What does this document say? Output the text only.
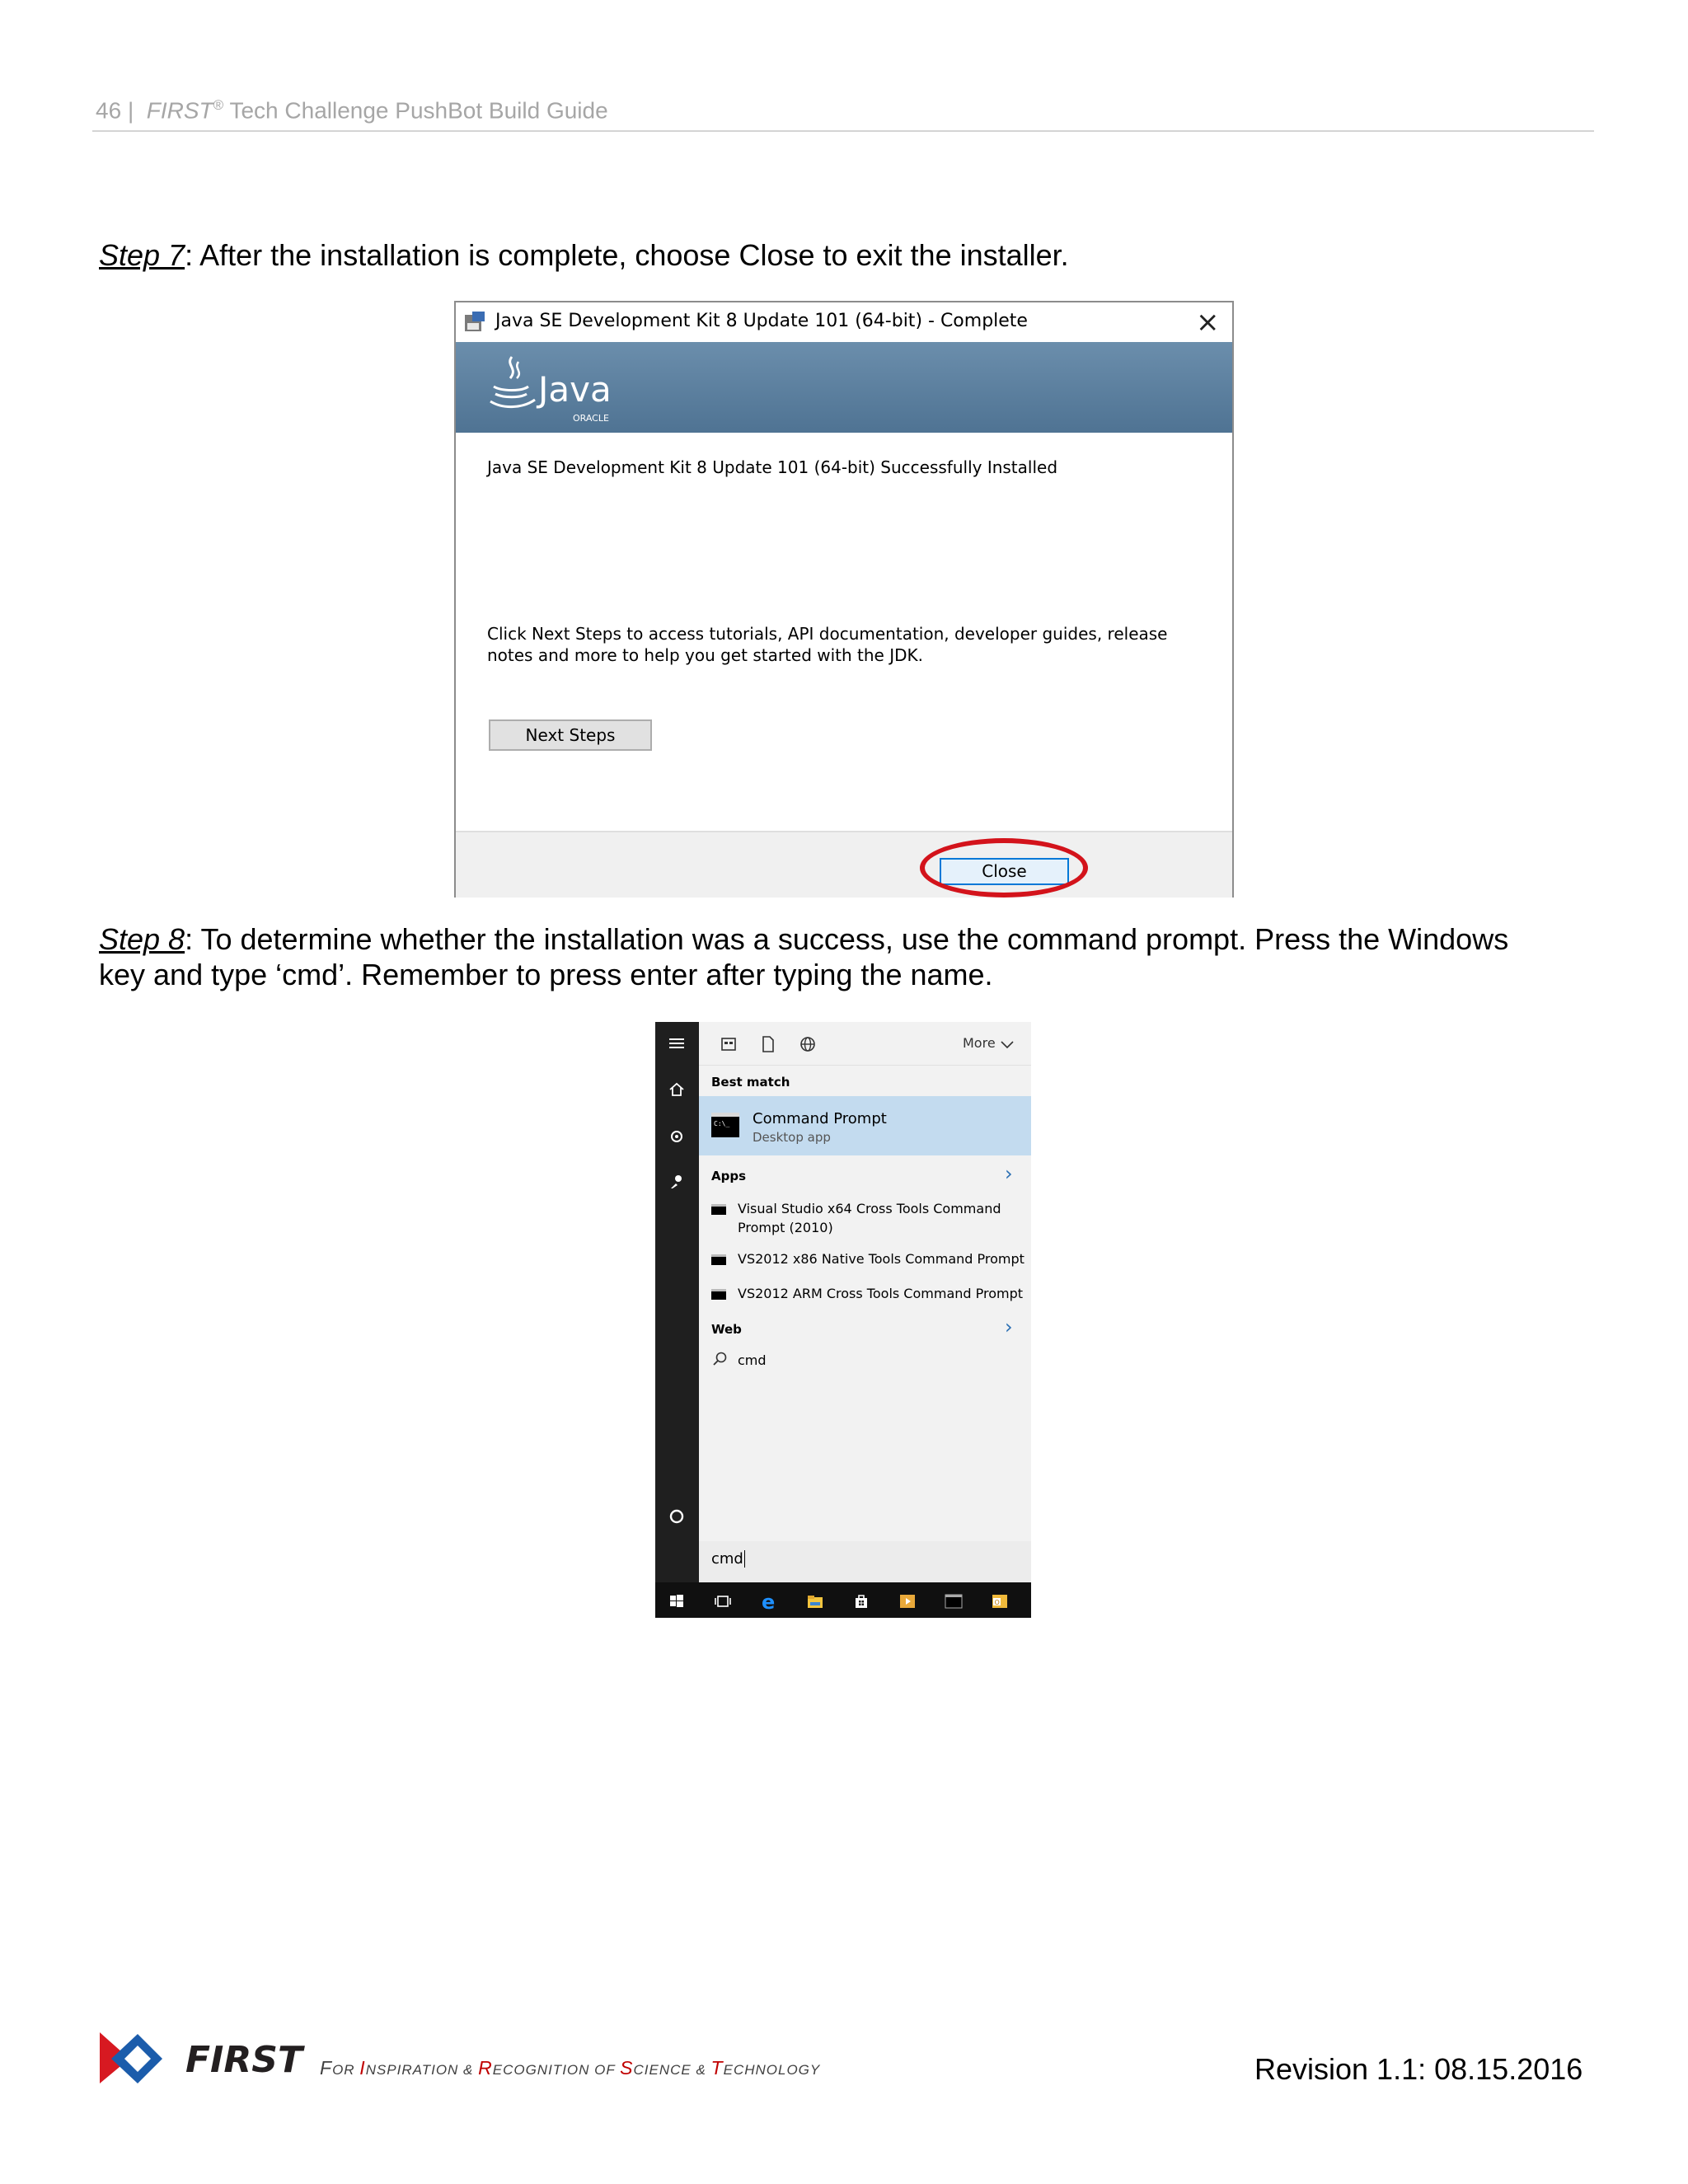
46 | FIRST® Tech Challenge PushBot Build Guide
Step 7: After the installation is complete, choose Close to exit the installer.
Java SE Development Kit 8 Update 101 (64-bit) - Complete	×
Java
ORACLE
Java SE Development Kit 8 Update 101 (64-bit) Successfully Installed
Click Next Steps to access tutorials, API documentation, developer guides, release notes and more to help you get started with the JDK.
Next Steps
Close
Step 8: To determine whether the installation was a success, use the command prompt. Press the Windows key and type ‘cmd’. Remember to press enter after typing the name.
More
Best match
C:\_ Command Prompt
Desktop app
Apps	›
Visual Studio x64 Cross Tools Command Prompt (2010)
VS2012 x86 Native Tools Command Prompt
VS2012 ARM Cross Tools Command Prompt
Web	›
cmd
cmd
e	O
FIRST FOR INSPIRATION & RECOGNITION OF SCIENCE & TECHNOLOGY	Revision 1.1: 08.15.2016
